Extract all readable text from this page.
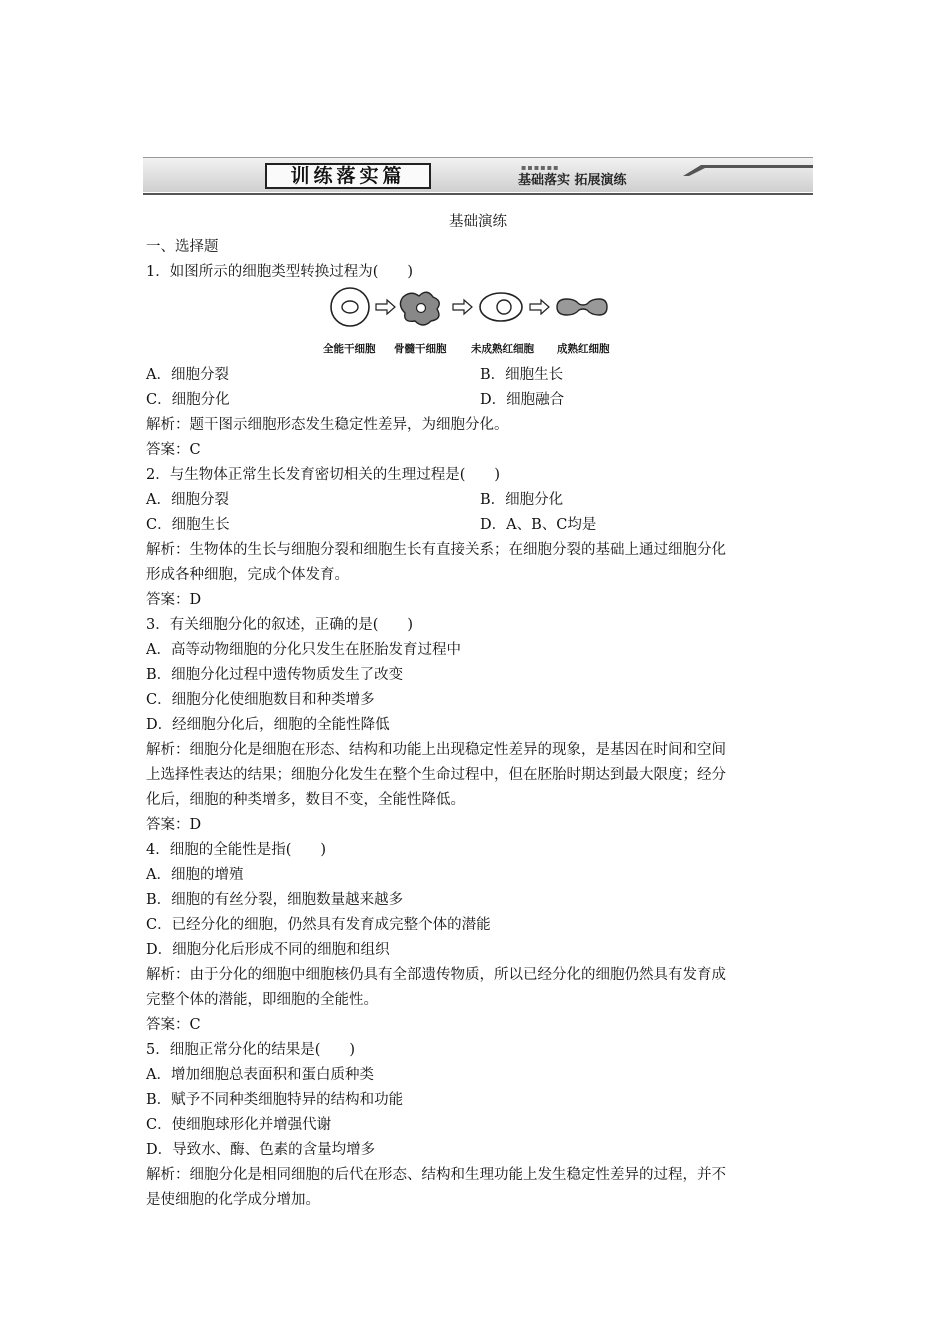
训练落实篇	▪▪▪▪▪▪
基础落实 拓展演练

基础演练

一、选择题

1．如图所示的细胞类型转换过程为(　　)

全能干细胞 骨髓干细胞 未成熟红细胞 成熟红细胞
A．细胞分裂	B．细胞生长
C．细胞分化	D．细胞融合

解析：题干图示细胞形态发生稳定性差异，为细胞分化。

答案：C

2．与生物体正常生长发育密切相关的生理过程是(　　)

A．细胞分裂	B．细胞分化
C．细胞生长	D．A、B、C均是

解析：生物体的生长与细胞分裂和细胞生长有直接关系；在细胞分裂的基础上通过细胞分化

形成各种细胞，完成个体发育。

答案：D

3．有关细胞分化的叙述，正确的是(　　)

A．高等动物细胞的分化只发生在胚胎发育过程中

B．细胞分化过程中遗传物质发生了改变

C．细胞分化使细胞数目和种类增多

D．经细胞分化后，细胞的全能性降低

解析：细胞分化是细胞在形态、结构和功能上出现稳定性差异的现象，是基因在时间和空间

上选择性表达的结果；细胞分化发生在整个生命过程中，但在胚胎时期达到最大限度；经分

化后，细胞的种类增多，数目不变，全能性降低。

答案：D

4．细胞的全能性是指(　　)

A．细胞的增殖

B．细胞的有丝分裂，细胞数量越来越多

C．已经分化的细胞，仍然具有发育成完整个体的潜能

D．细胞分化后形成不同的细胞和组织

解析：由于分化的细胞中细胞核仍具有全部遗传物质，所以已经分化的细胞仍然具有发育成

完整个体的潜能，即细胞的全能性。

答案：C

5．细胞正常分化的结果是(　　)

A．增加细胞总表面积和蛋白质种类

B．赋予不同种类细胞特异的结构和功能

C．使细胞球形化并增强代谢

D．导致水、酶、色素的含量均增多

解析：细胞分化是相同细胞的后代在形态、结构和生理功能上发生稳定性差异的过程，并不

是使细胞的化学成分增加。
